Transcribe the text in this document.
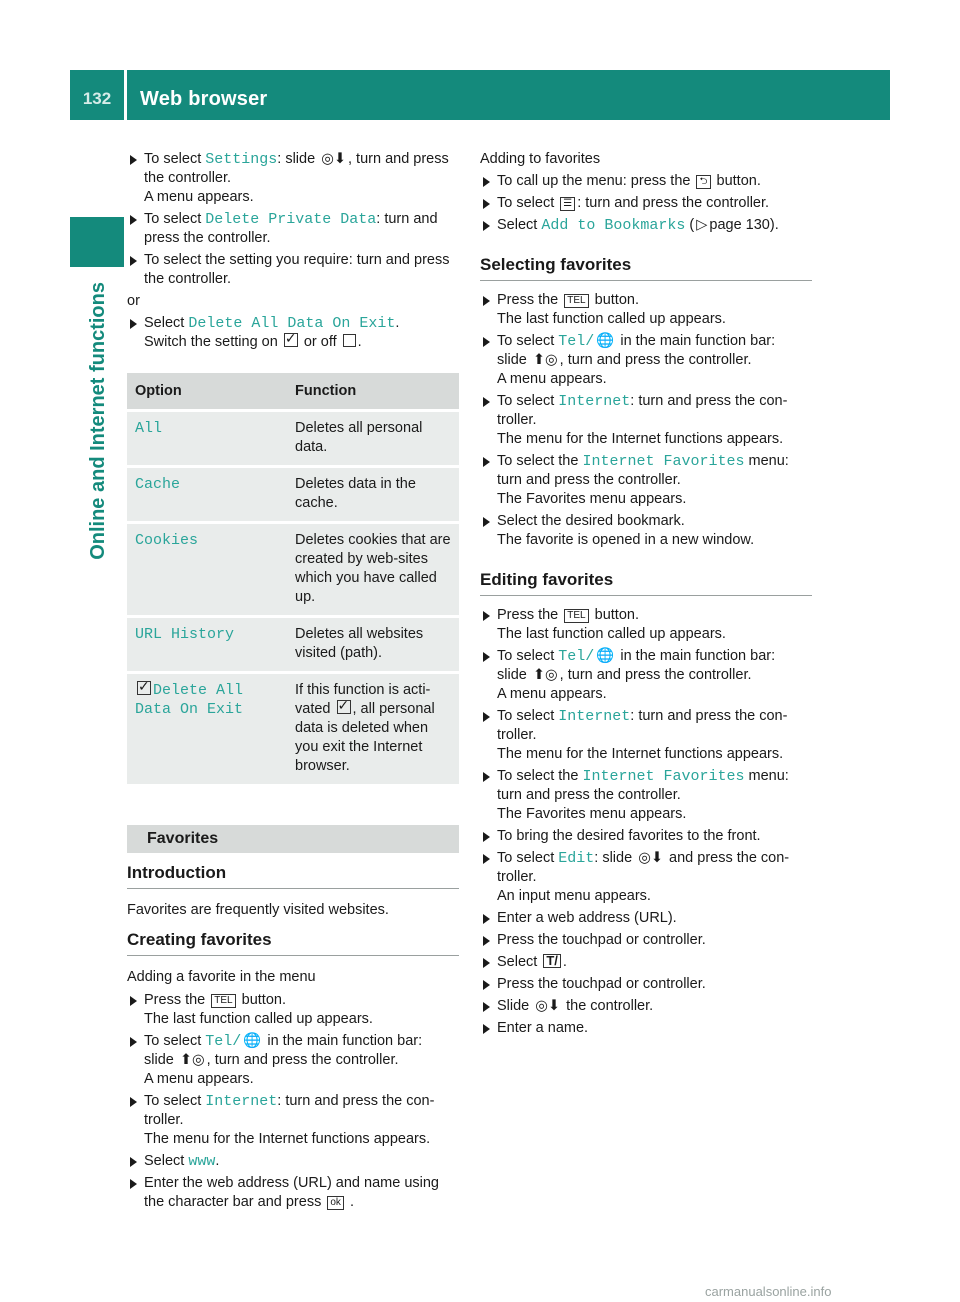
132	Web browser
Online and Internet functions
To select Settings: slide ◎⬇ , turn and press the controller.
A menu appears.
To select Delete Private Data: turn and press the controller.
To select the setting you require: turn and press the controller.
or
Select Delete All Data On Exit.
Switch the setting on ✓ or off .
Option	Function
All	Deletes all personal data.
Cache	Deletes data in the cache.
Cookies	Deletes cookies that are created by web-sites which you have called up.
URL History	Deletes all websites visited (path).
✓Delete All Data On Exit	If this function is acti-vated ✓, all personal data is deleted when you exit the Internet browser.
Favorites
Introduction
Favorites are frequently visited websites.
Creating favorites
Adding a favorite in the menu
Press the TEL button.
The last function called up appears.
To select Tel/ 🌐 in the main function bar:
slide ⬆◎ , turn and press the controller.
A menu appears.
To select Internet: turn and press the con-troller.
The menu for the Internet functions appears.
Select www.
Enter the web address (URL) and name using the character bar and press ok .
Adding to favorites
To call up the menu: press the ⮌ button.
To select ☰ : turn and press the controller.
Select Add to Bookmarks ( ▷ page 130).
Selecting favorites
Press the TEL button.
The last function called up appears.
To select Tel/ 🌐 in the main function bar:
slide ⬆◎ , turn and press the controller.
A menu appears.
To select Internet: turn and press the con-troller.
The menu for the Internet functions appears.
To select the Internet Favorites menu:
turn and press the controller.
The Favorites menu appears.
Select the desired bookmark.
The favorite is opened in a new window.
Editing favorites
Press the TEL button.
The last function called up appears.
To select Tel/ 🌐 in the main function bar:
slide ⬆◎ , turn and press the controller.
A menu appears.
To select Internet: turn and press the con-troller.
The menu for the Internet functions appears.
To select the Internet Favorites menu:
turn and press the controller.
The Favorites menu appears.
To bring the desired favorites to the front.
To select Edit: slide ◎⬇ and press the con-troller.
An input menu appears.
Enter a web address (URL).
Press the touchpad or controller.
Select T/ .
Press the touchpad or controller.
Slide ◎⬇ the controller.
Enter a name.
carmanualsonline.info
